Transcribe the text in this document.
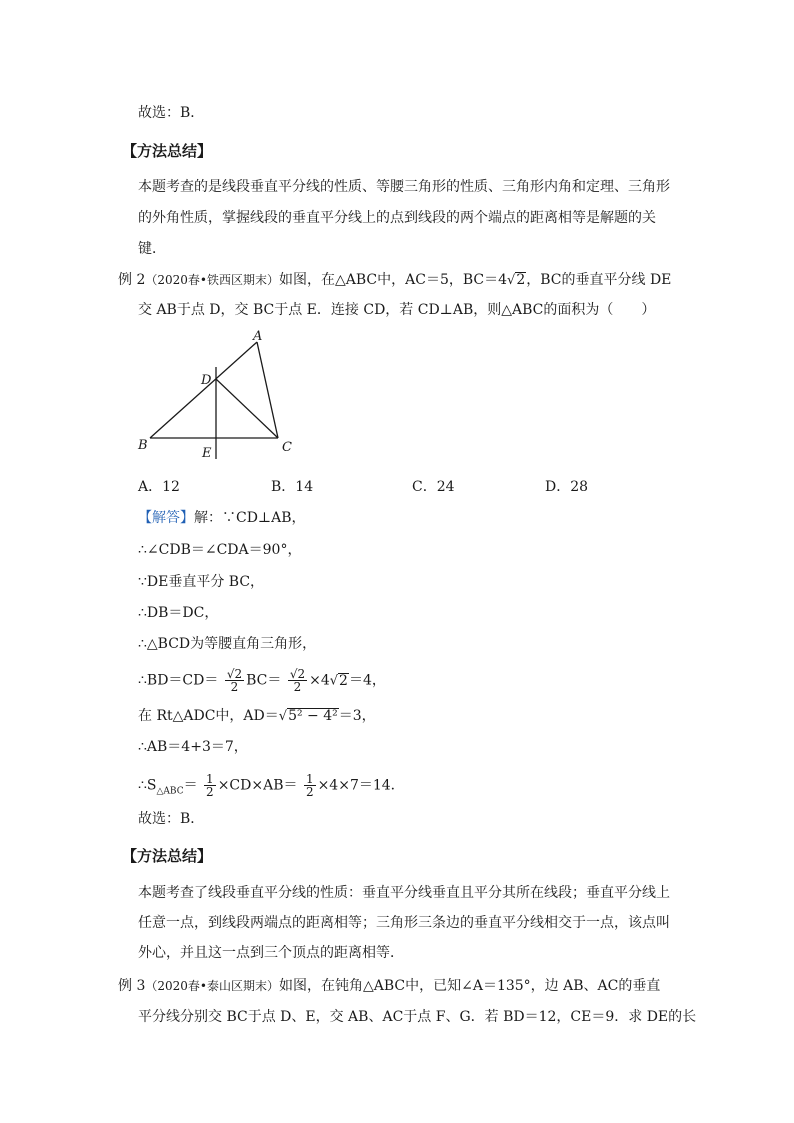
故选：B．
【方法总结】
本题考查的是线段垂直平分线的性质、等腰三角形的性质、三角形内角和定理、三角形
的外角性质，掌握线段的垂直平分线上的点到线段的两个端点的距离相等是解题的关
键．
例 2（2020春•铁西区期末）如图，在△ABC中，AC＝5，BC＝4√2，BC的垂直平分线 DE
交 AB于点 D，交 BC于点 E．连接 CD，若 CD⊥AB，则△ABC的面积为（　　）
A
D
B	C
E
A．12	B．14	C．24	D．28
【解答】解：∵CD⊥AB，
∴∠CDB＝∠CDA＝90°，
∵DE垂直平分 BC，
∴DB＝DC，
∴△BCD为等腰直角三角形，
∴BD＝CD＝ $\frac{√2}{2} BC= \frac{√2}{2} \times 4√2=4$，
在 Rt△ADC中，AD＝√5² − 4²＝3，
∴AB＝4+3＝7，
$\therefore S_{\triangle ABC}= \frac{1}{2} \times CD\times AB= \frac{1}{2} \times 4\times 7=14$．
故选：B．
【方法总结】
本题考查了线段垂直平分线的性质：垂直平分线垂直且平分其所在线段；垂直平分线上
任意一点，到线段两端点的距离相等；三角形三条边的垂直平分线相交于一点，该点叫
外心，并且这一点到三个顶点的距离相等．
例 3（2020春•泰山区期末）如图，在钝角△ABC中，已知∠A＝135°，边 AB、AC的垂直
平分线分别交 BC于点 D、E，交 AB、AC于点 F、G．若 BD＝12，CE＝9．求 DE的长
